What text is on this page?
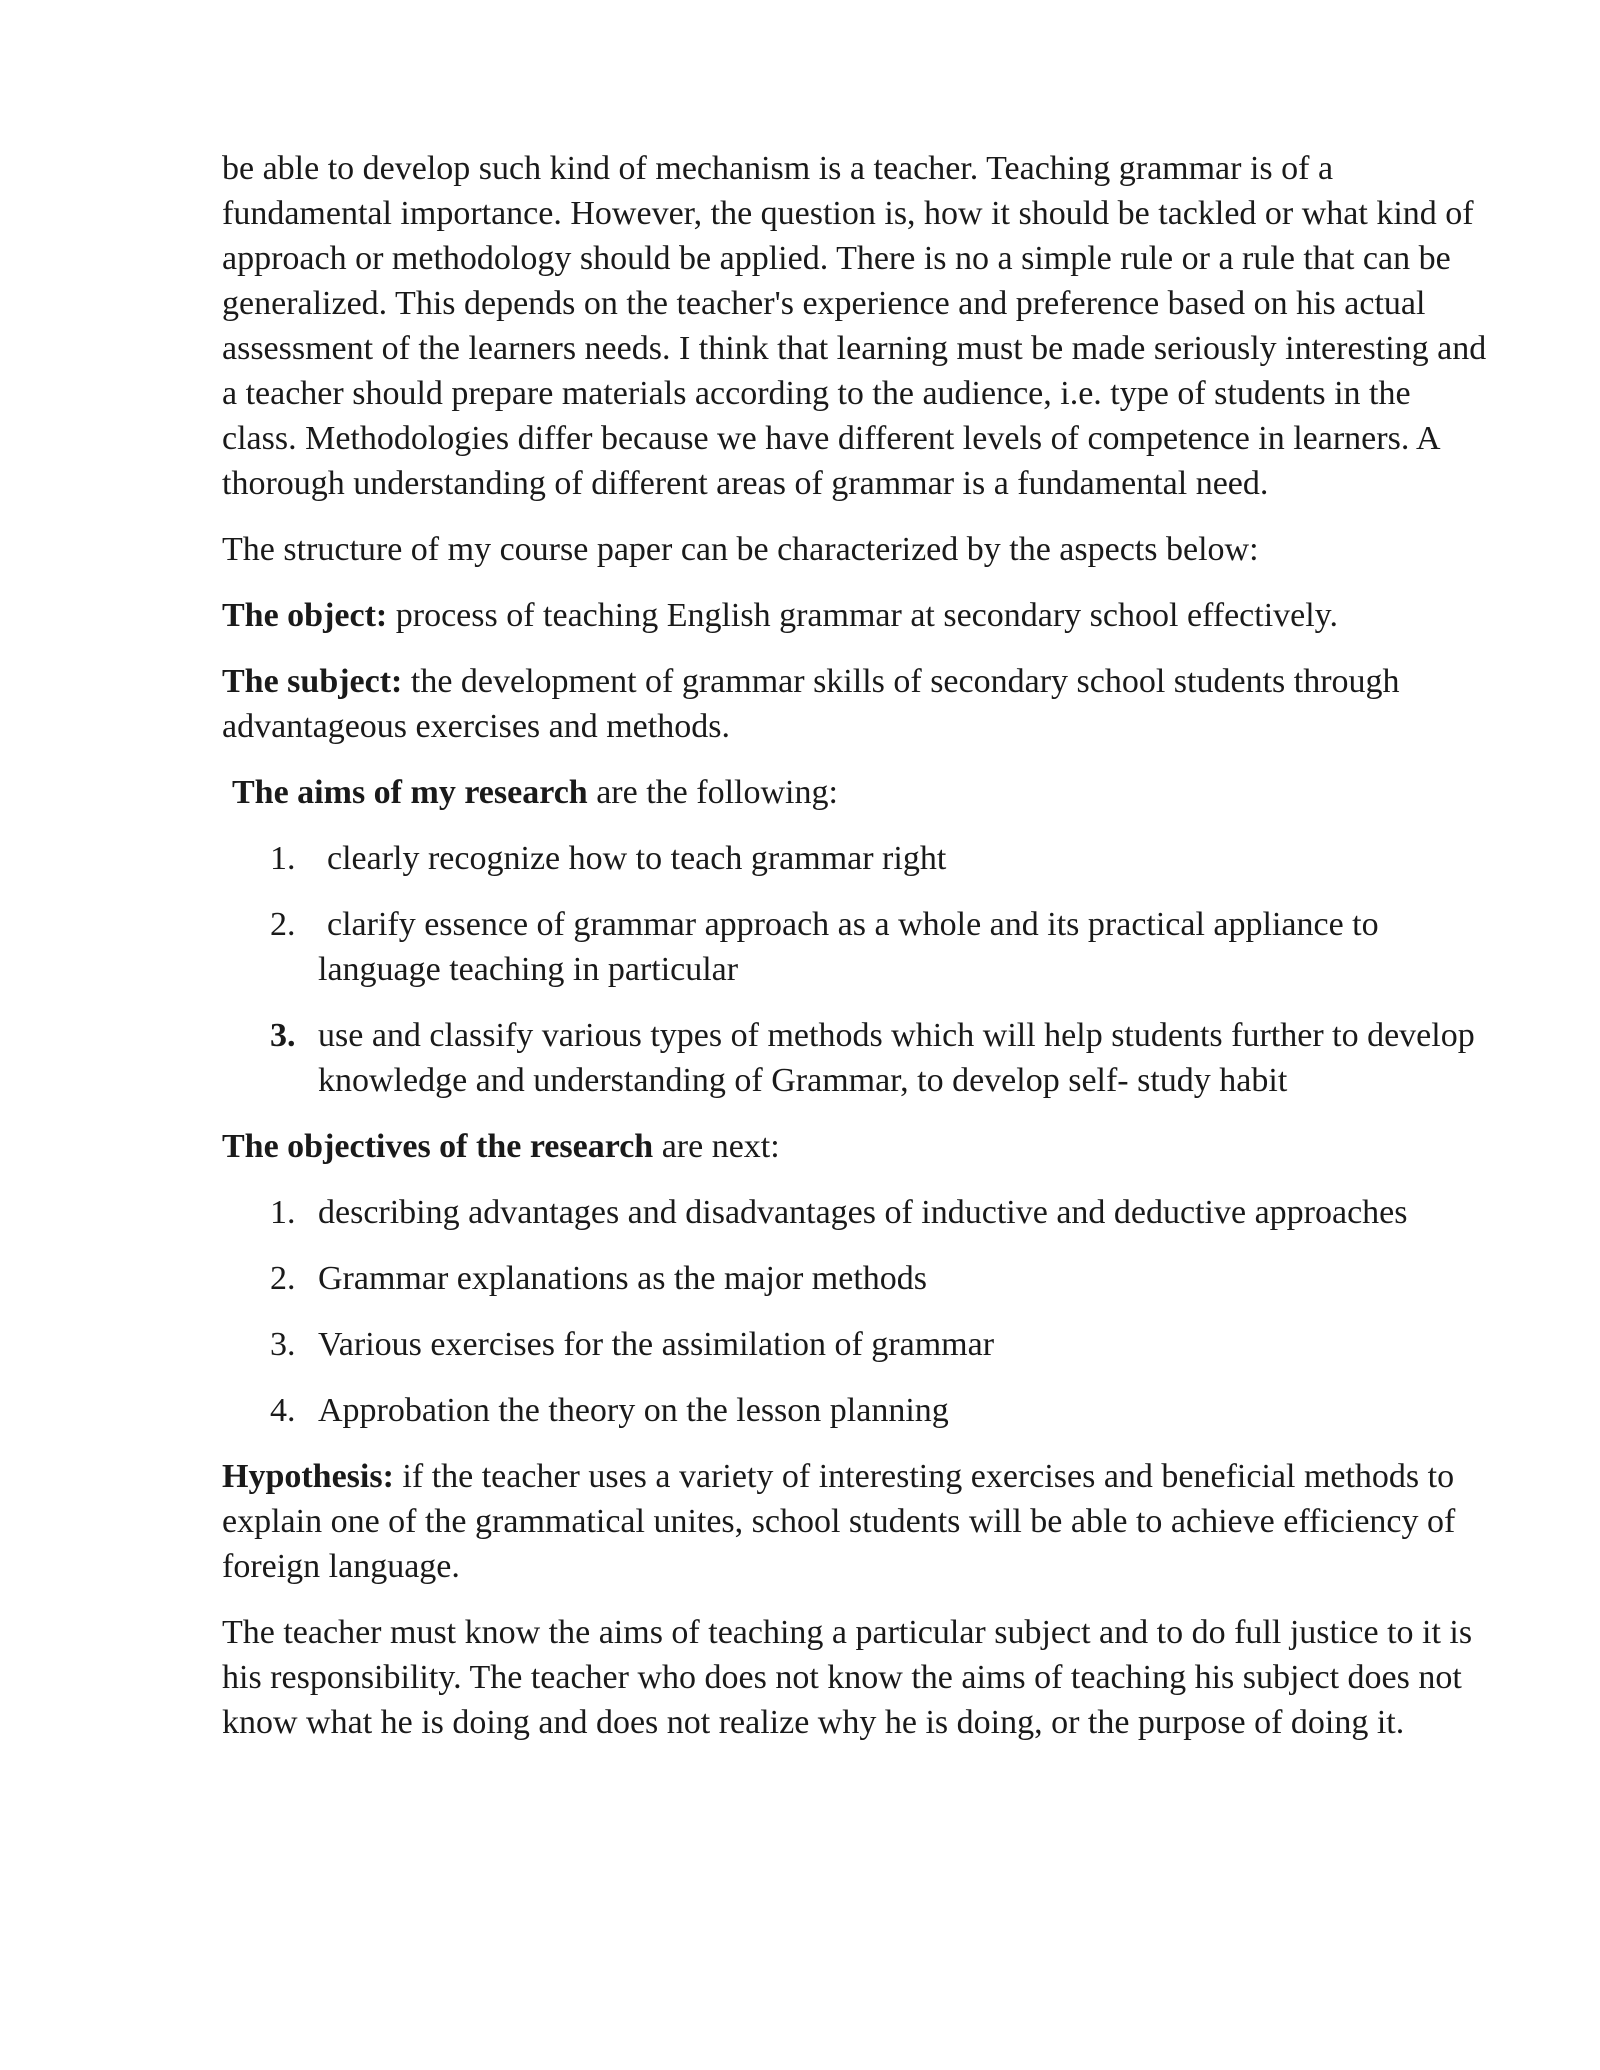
be able to develop such kind of mechanism is a teacher. Teaching grammar is of a fundamental importance. However, the question is, how it should be tackled or what kind of approach or methodology should be applied. There is no a simple rule or a rule that can be generalized. This depends on the teacher's experience and preference based on his actual assessment of the learners needs. I think that learning must be made seriously interesting and a teacher should prepare materials according to the audience, i.e. type of students in the class. Methodologies differ because we have different levels of competence in learners. A thorough understanding of different areas of grammar is a fundamental need.

The structure of my course paper can be characterized by the aspects below:

The object: process of teaching English grammar at secondary school effectively.

The subject: the development of grammar skills of secondary school students through advantageous exercises and methods.

The aims of my research are the following:

1. clearly recognize how to teach grammar right
2. clarify essence of grammar approach as a whole and its practical appliance to language teaching in particular
3. use and classify various types of methods which will help students further to develop knowledge and understanding of Grammar, to develop self- study habit

The objectives of the research are next:

1. describing advantages and disadvantages of inductive and deductive approaches
2. Grammar explanations as the major methods
3. Various exercises for the assimilation of grammar
4. Approbation the theory on the lesson planning

Hypothesis: if the teacher uses a variety of interesting exercises and beneficial methods to explain one of the grammatical unites, school students will be able to achieve efficiency of foreign language.

The teacher must know the aims of teaching a particular subject and to do full justice to it is his responsibility. The teacher who does not know the aims of teaching his subject does not know what he is doing and does not realize why he is doing, or the purpose of doing it.
